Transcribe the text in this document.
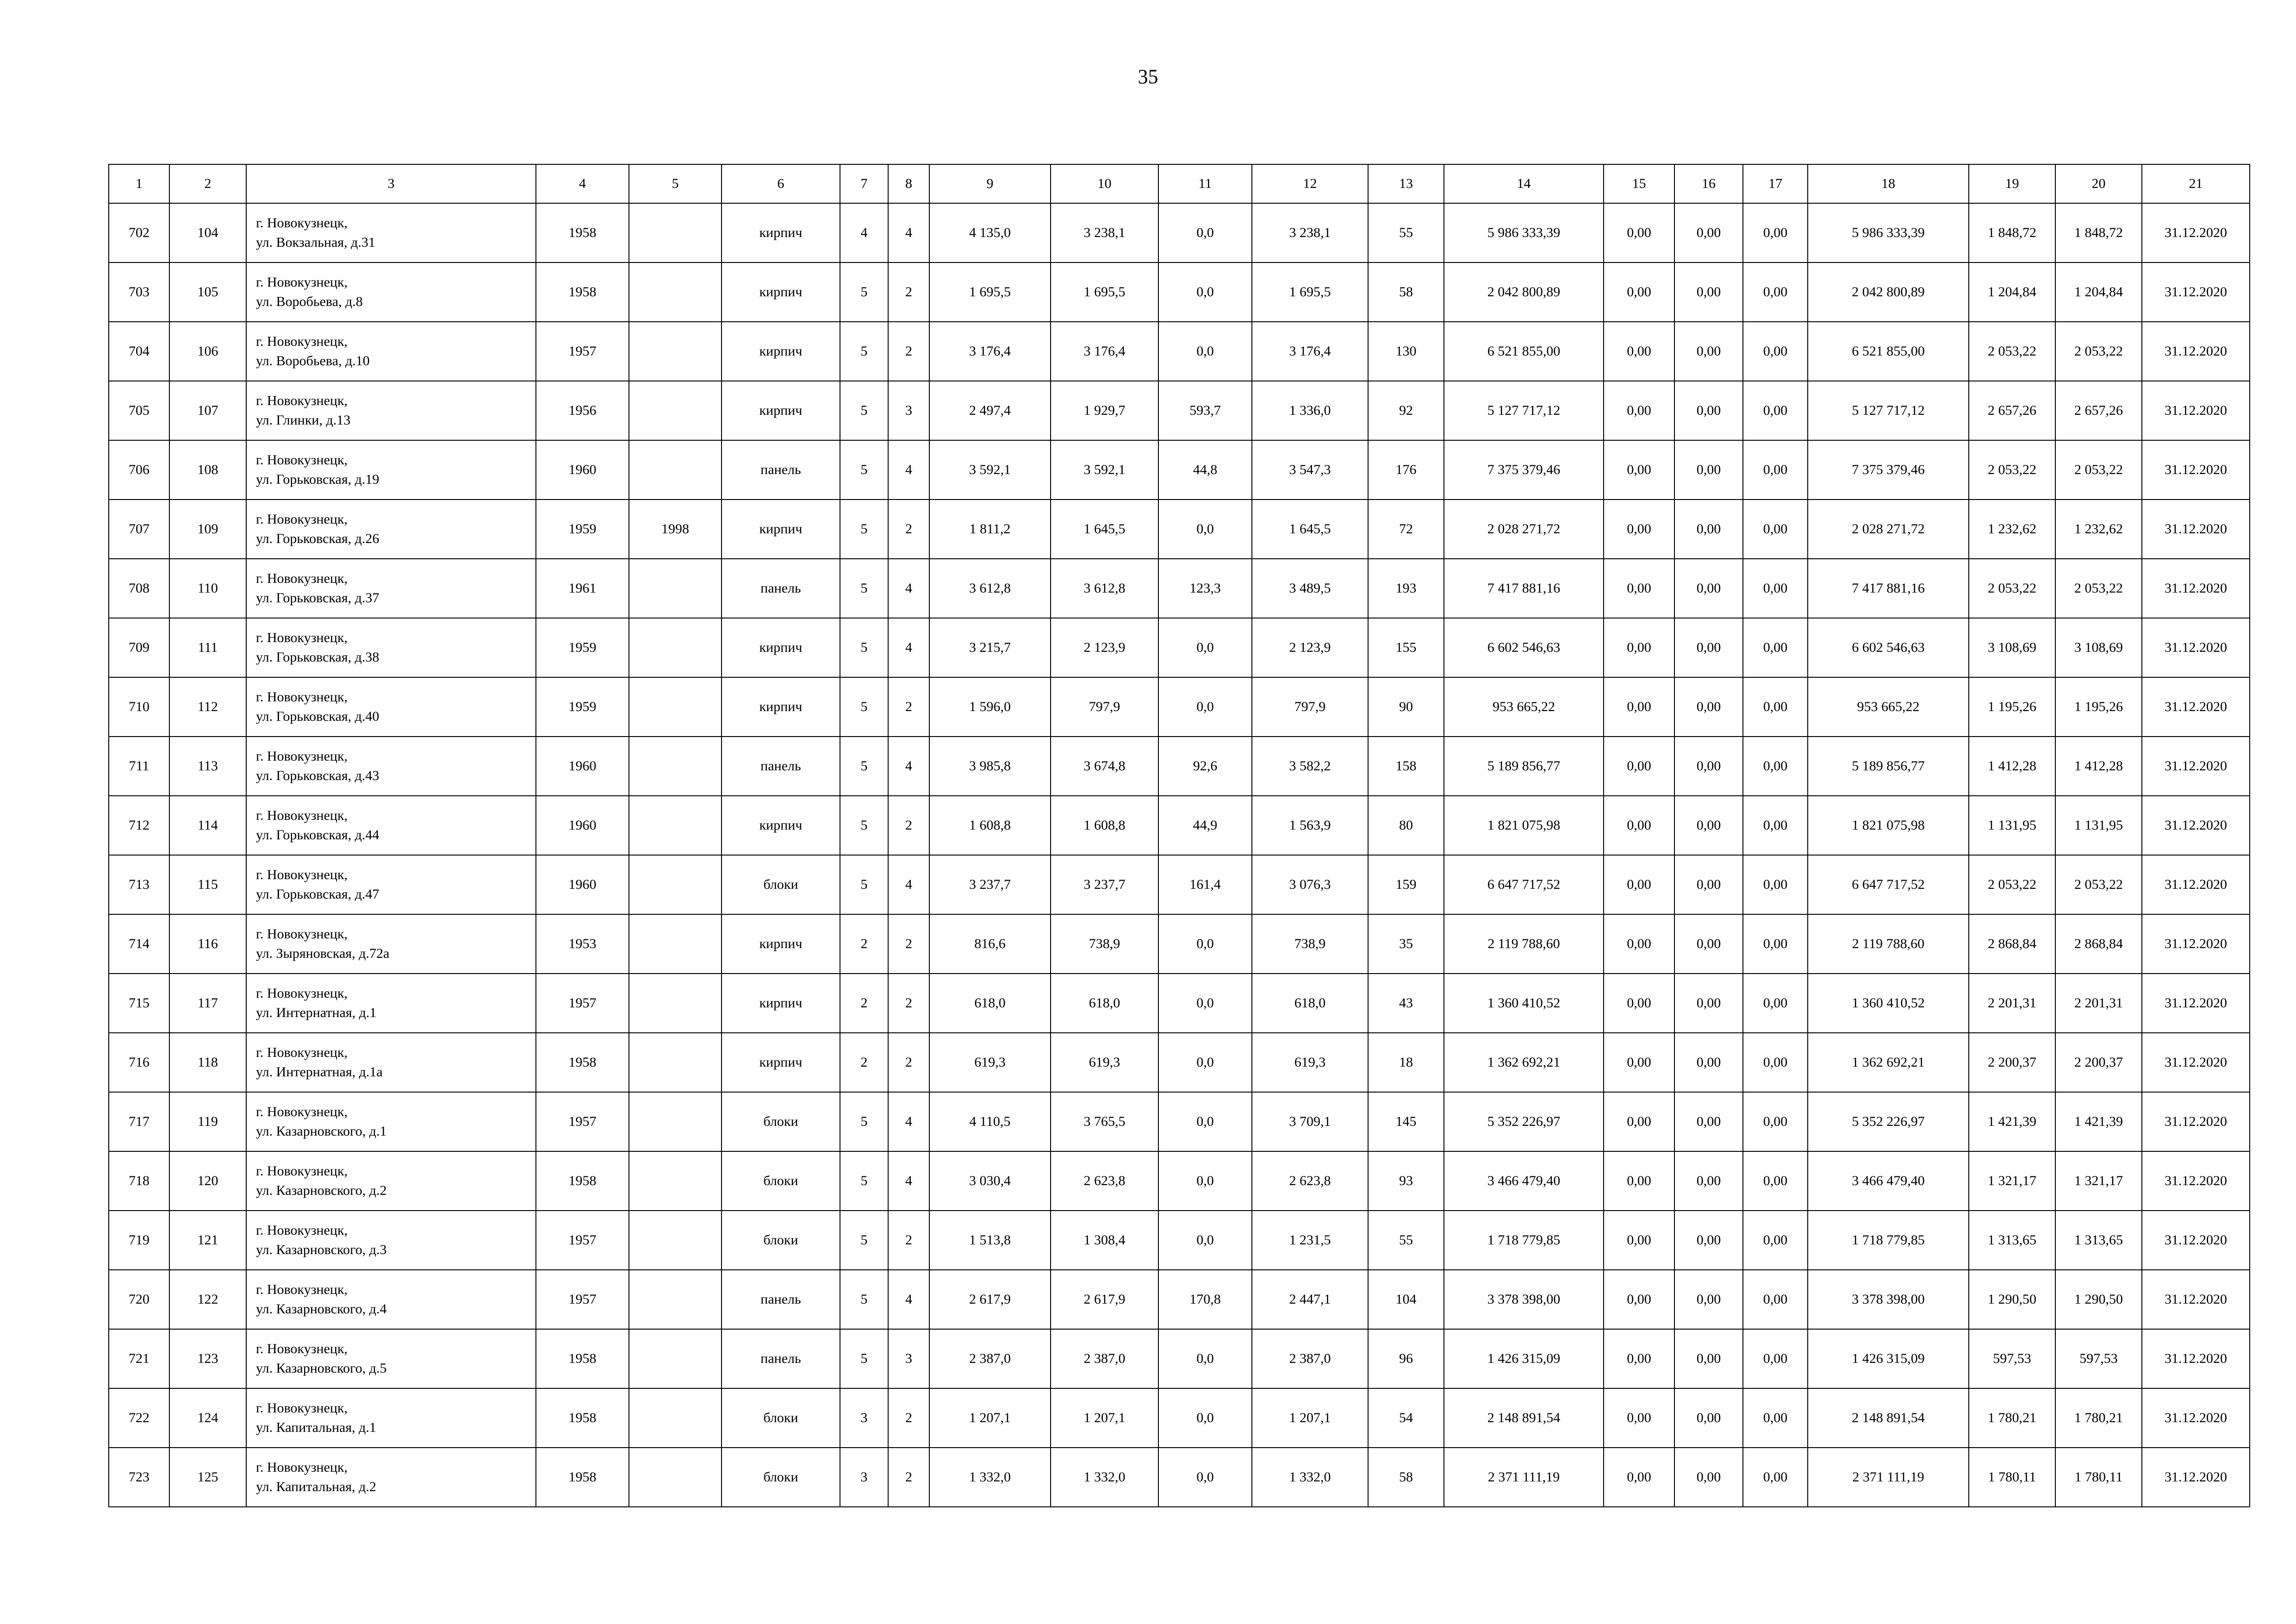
35
1	2	3	4	5	6	7	8	9	10	11	12	13	14	15	16	17	18	19	20	21
702	104	г. Новокузнецк,
ул. Вокзальная, д.31	1958		кирпич	4	4	4 135,0	3 238,1	0,0	3 238,1	55	5 986 333,39	0,00	0,00	0,00	5 986 333,39	1 848,72	1 848,72	31.12.2020
703	105	г. Новокузнецк,
ул. Воробьева, д.8	1958		кирпич	5	2	1 695,5	1 695,5	0,0	1 695,5	58	2 042 800,89	0,00	0,00	0,00	2 042 800,89	1 204,84	1 204,84	31.12.2020
704	106	г. Новокузнецк,
ул. Воробьева, д.10	1957		кирпич	5	2	3 176,4	3 176,4	0,0	3 176,4	130	6 521 855,00	0,00	0,00	0,00	6 521 855,00	2 053,22	2 053,22	31.12.2020
705	107	г. Новокузнецк,
ул. Глинки, д.13	1956		кирпич	5	3	2 497,4	1 929,7	593,7	1 336,0	92	5 127 717,12	0,00	0,00	0,00	5 127 717,12	2 657,26	2 657,26	31.12.2020
706	108	г. Новокузнецк,
ул. Горьковская, д.19	1960		панель	5	4	3 592,1	3 592,1	44,8	3 547,3	176	7 375 379,46	0,00	0,00	0,00	7 375 379,46	2 053,22	2 053,22	31.12.2020
707	109	г. Новокузнецк,
ул. Горьковская, д.26	1959	1998	кирпич	5	2	1 811,2	1 645,5	0,0	1 645,5	72	2 028 271,72	0,00	0,00	0,00	2 028 271,72	1 232,62	1 232,62	31.12.2020
708	110	г. Новокузнецк,
ул. Горьковская, д.37	1961		панель	5	4	3 612,8	3 612,8	123,3	3 489,5	193	7 417 881,16	0,00	0,00	0,00	7 417 881,16	2 053,22	2 053,22	31.12.2020
709	111	г. Новокузнецк,
ул. Горьковская, д.38	1959		кирпич	5	4	3 215,7	2 123,9	0,0	2 123,9	155	6 602 546,63	0,00	0,00	0,00	6 602 546,63	3 108,69	3 108,69	31.12.2020
710	112	г. Новокузнецк,
ул. Горьковская, д.40	1959		кирпич	5	2	1 596,0	797,9	0,0	797,9	90	953 665,22	0,00	0,00	0,00	953 665,22	1 195,26	1 195,26	31.12.2020
711	113	г. Новокузнецк,
ул. Горьковская, д.43	1960		панель	5	4	3 985,8	3 674,8	92,6	3 582,2	158	5 189 856,77	0,00	0,00	0,00	5 189 856,77	1 412,28	1 412,28	31.12.2020
712	114	г. Новокузнецк,
ул. Горьковская, д.44	1960		кирпич	5	2	1 608,8	1 608,8	44,9	1 563,9	80	1 821 075,98	0,00	0,00	0,00	1 821 075,98	1 131,95	1 131,95	31.12.2020
713	115	г. Новокузнецк,
ул. Горьковская, д.47	1960		блоки	5	4	3 237,7	3 237,7	161,4	3 076,3	159	6 647 717,52	0,00	0,00	0,00	6 647 717,52	2 053,22	2 053,22	31.12.2020
714	116	г. Новокузнецк,
ул. Зыряновская, д.72а	1953		кирпич	2	2	816,6	738,9	0,0	738,9	35	2 119 788,60	0,00	0,00	0,00	2 119 788,60	2 868,84	2 868,84	31.12.2020
715	117	г. Новокузнецк,
ул. Интернатная, д.1	1957		кирпич	2	2	618,0	618,0	0,0	618,0	43	1 360 410,52	0,00	0,00	0,00	1 360 410,52	2 201,31	2 201,31	31.12.2020
716	118	г. Новокузнецк,
ул. Интернатная, д.1а	1958		кирпич	2	2	619,3	619,3	0,0	619,3	18	1 362 692,21	0,00	0,00	0,00	1 362 692,21	2 200,37	2 200,37	31.12.2020
717	119	г. Новокузнецк,
ул. Казарновского, д.1	1957		блоки	5	4	4 110,5	3 765,5	0,0	3 709,1	145	5 352 226,97	0,00	0,00	0,00	5 352 226,97	1 421,39	1 421,39	31.12.2020
718	120	г. Новокузнецк,
ул. Казарновского, д.2	1958		блоки	5	4	3 030,4	2 623,8	0,0	2 623,8	93	3 466 479,40	0,00	0,00	0,00	3 466 479,40	1 321,17	1 321,17	31.12.2020
719	121	г. Новокузнецк,
ул. Казарновского, д.3	1957		блоки	5	2	1 513,8	1 308,4	0,0	1 231,5	55	1 718 779,85	0,00	0,00	0,00	1 718 779,85	1 313,65	1 313,65	31.12.2020
720	122	г. Новокузнецк,
ул. Казарновского, д.4	1957		панель	5	4	2 617,9	2 617,9	170,8	2 447,1	104	3 378 398,00	0,00	0,00	0,00	3 378 398,00	1 290,50	1 290,50	31.12.2020
721	123	г. Новокузнецк,
ул. Казарновского, д.5	1958		панель	5	3	2 387,0	2 387,0	0,0	2 387,0	96	1 426 315,09	0,00	0,00	0,00	1 426 315,09	597,53	597,53	31.12.2020
722	124	г. Новокузнецк,
ул. Капитальная, д.1	1958		блоки	3	2	1 207,1	1 207,1	0,0	1 207,1	54	2 148 891,54	0,00	0,00	0,00	2 148 891,54	1 780,21	1 780,21	31.12.2020
723	125	г. Новокузнецк,
ул. Капитальная, д.2	1958		блоки	3	2	1 332,0	1 332,0	0,0	1 332,0	58	2 371 111,19	0,00	0,00	0,00	2 371 111,19	1 780,11	1 780,11	31.12.2020
